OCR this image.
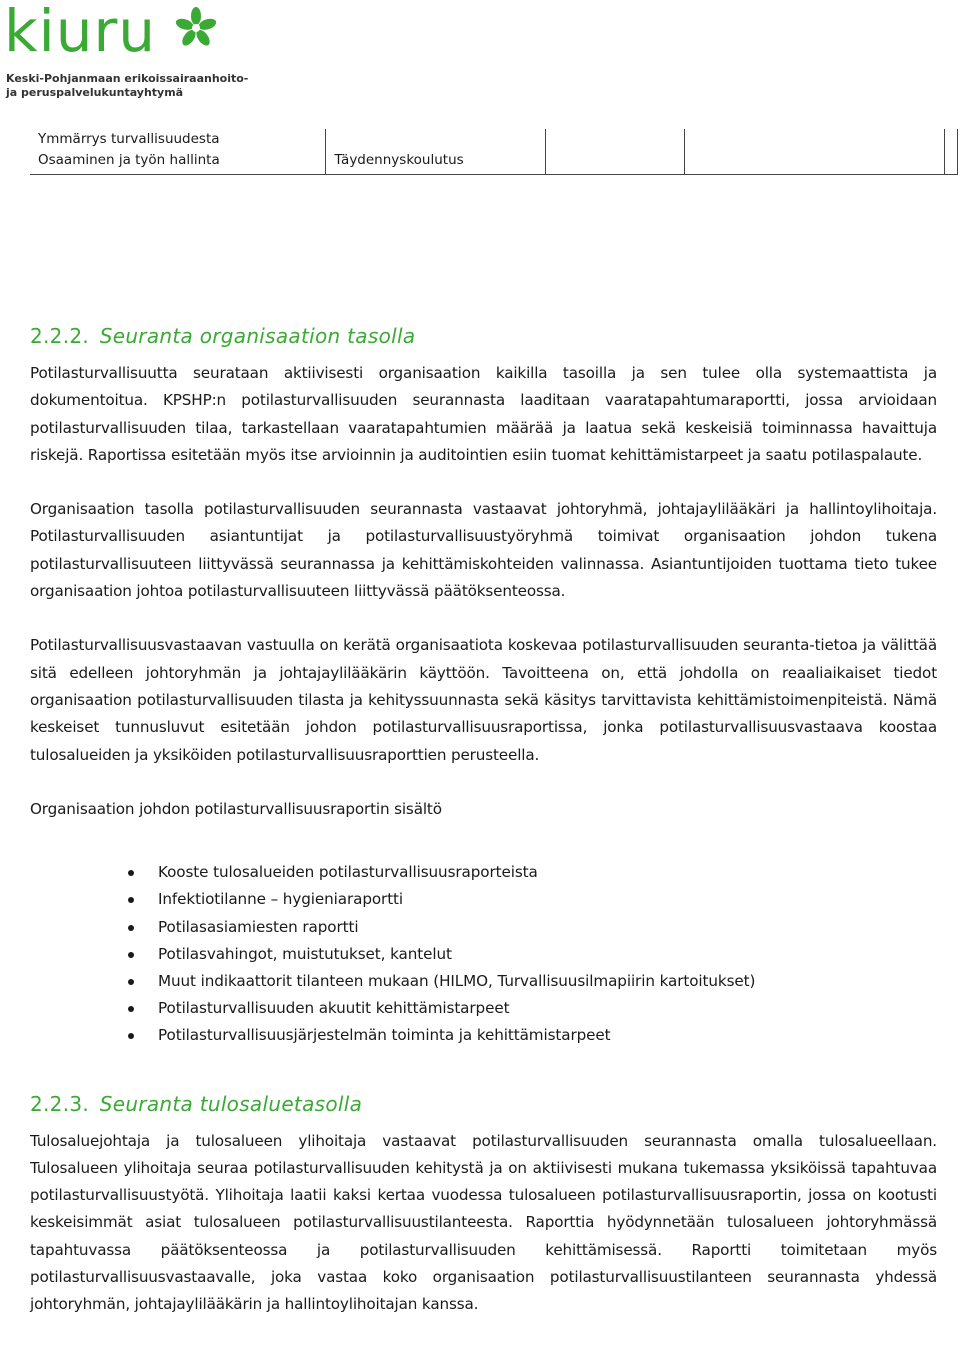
kiuru
Keski-Pohjanmaan erikoissairaanhoito-
ja peruspalvelukuntayhtymä
Ymmärrys turvallisuudesta
Osaaminen ja työn hallinta	Täydennyskoulutus			
2.2.2. Seuranta organisaation tasolla

Potilasturvallisuutta seurataan aktiivisesti organisaation kaikilla tasoilla ja sen tulee olla systemaattista ja dokumentoitua. KPSHP:n potilasturvallisuuden seurannasta laaditaan vaaratapahtumaraportti, jossa arvioidaan potilasturvallisuuden tilaa, tarkastellaan vaaratapahtumien määrää ja laatua sekä keskeisiä toiminnassa havaittuja riskejä. Raportissa esitetään myös itse arvioinnin ja auditointien esiin tuomat kehittämistarpeet ja saatu potilaspalaute.

Organisaation tasolla potilasturvallisuuden seurannasta vastaavat johtoryhmä, johtajaylilääkäri ja hallintoylihoitaja. Potilasturvallisuuden asiantuntijat ja potilasturvallisuustyöryhmä toimivat organisaation johdon tukena potilasturvallisuuteen liittyvässä seurannassa ja kehittämiskohteiden valinnassa. Asiantuntijoiden tuottama tieto tukee organisaation johtoa potilasturvallisuuteen liittyvässä päätöksenteossa.

Potilasturvallisuusvastaavan vastuulla on kerätä organisaatiota koskevaa potilasturvallisuuden seuranta-tietoa ja välittää sitä edelleen johtoryhmän ja johtajaylilääkärin käyttöön. Tavoitteena on, että johdolla on reaaliaikaiset tiedot organisaation potilasturvallisuuden tilasta ja kehityssuunnasta sekä käsitys tarvittavista kehittämistoimenpiteistä. Nämä keskeiset tunnusluvut esitetään johdon potilasturvallisuusraportissa, jonka potilasturvallisuusvastaava koostaa tulosalueiden ja yksiköiden potilasturvallisuusraporttien perusteella.

Organisaation johdon potilasturvallisuusraportin sisältö

Kooste tulosalueiden potilasturvallisuusraporteista
Infektiotilanne – hygieniaraportti
Potilasasiamiesten raportti
Potilasvahingot, muistutukset, kantelut
Muut indikaattorit tilanteen mukaan (HILMO, Turvallisuusilmapiirin kartoitukset)
Potilasturvallisuuden akuutit kehittämistarpeet
Potilasturvallisuusjärjestelmän toiminta ja kehittämistarpeet
2.2.3. Seuranta tulosaluetasolla

Tulosaluejohtaja ja tulosalueen ylihoitaja vastaavat potilasturvallisuuden seurannasta omalla tulosalueellaan. Tulosalueen ylihoitaja seuraa potilasturvallisuuden kehitystä ja on aktiivisesti mukana tukemassa yksiköissä tapahtuvaa potilasturvallisuustyötä. Ylihoitaja laatii kaksi kertaa vuodessa tulosalueen potilasturvallisuusraportin, jossa on kootusti keskeisimmät asiat tulosalueen potilasturvallisuustilanteesta. Raporttia hyödynnetään tulosalueen johtoryhmässä tapahtuvassa päätöksenteossa ja potilasturvallisuuden kehittämisessä. Raportti toimitetaan myös potilasturvallisuusvastaavalle, joka vastaa koko organisaation potilasturvallisuustilanteen seurannasta yhdessä johtoryhmän, johtajaylilääkärin ja hallintoylihoitajan kanssa.
